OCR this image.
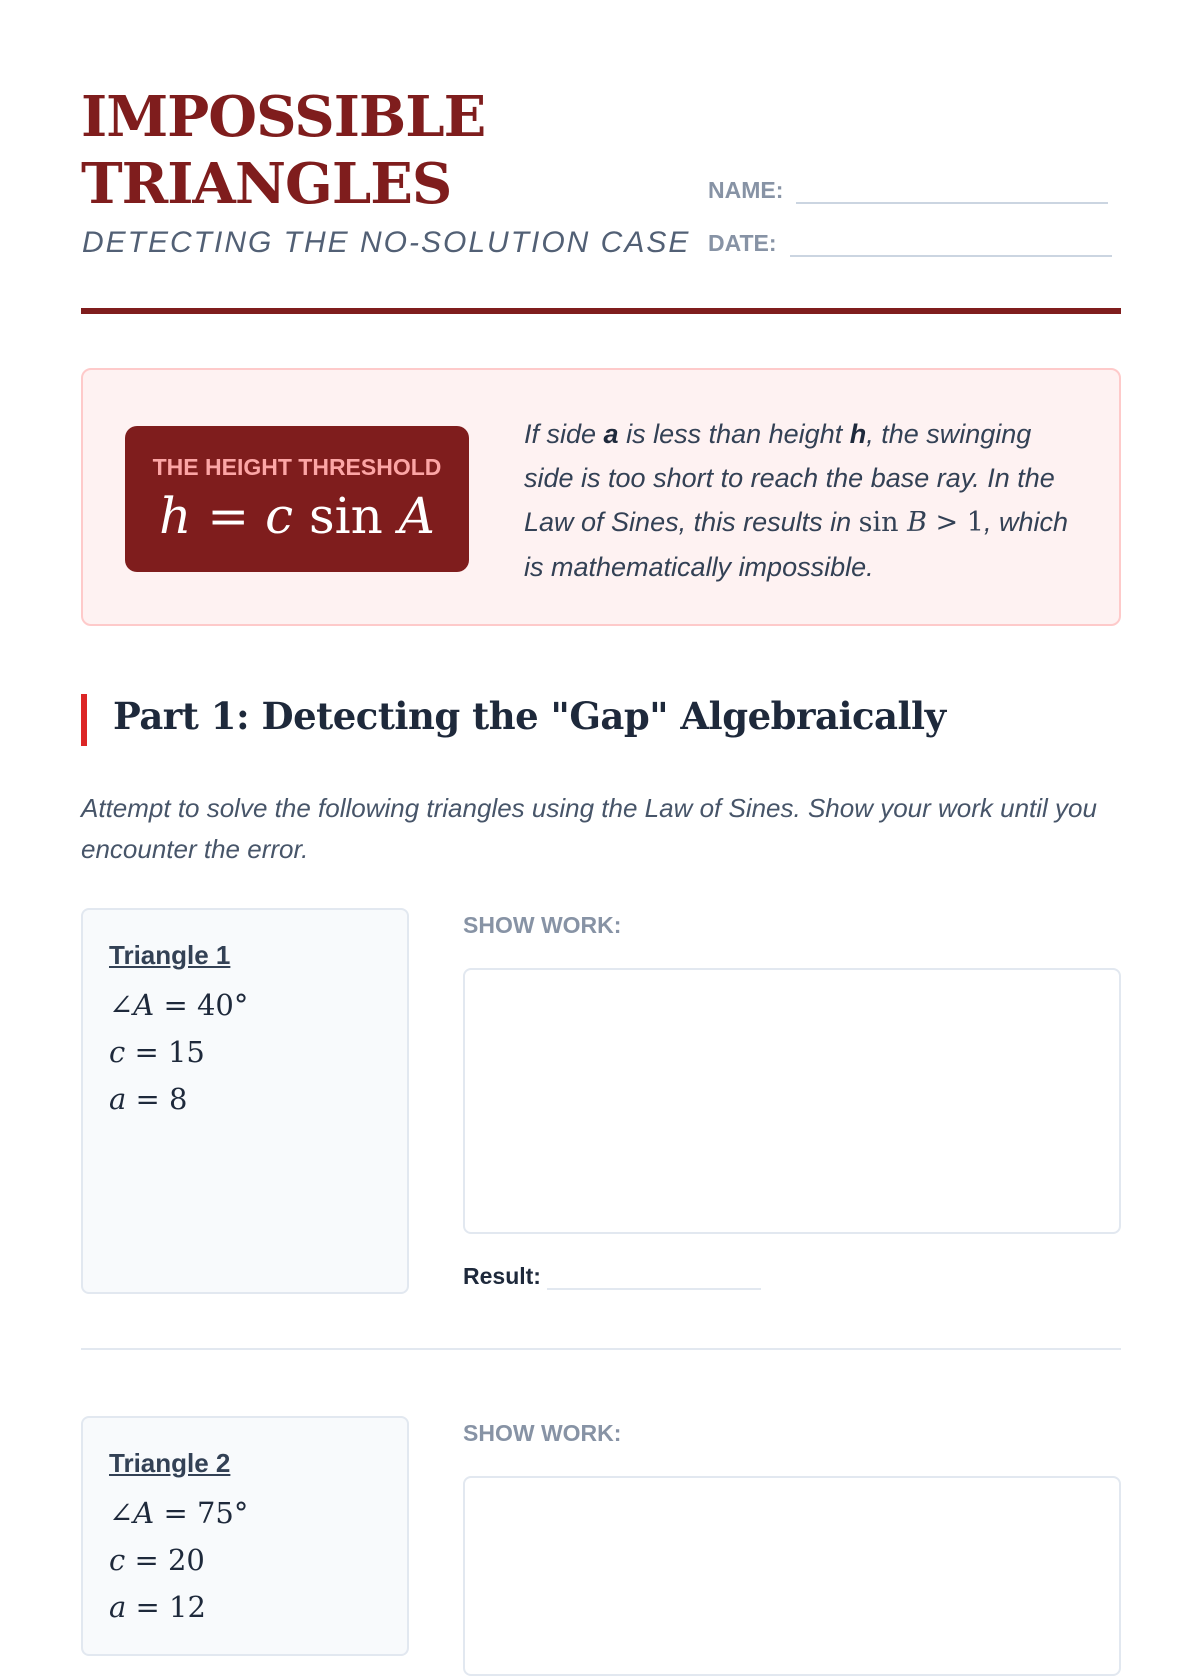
IMPOSSIBLE
TRIANGLES
DETECTING THE NO-SOLUTION CASE
NAME:
DATE:
THE HEIGHT THRESHOLD
h = c sin A
If side a is less than height h, the swinging side is too short to reach the base ray. In the Law of Sines, this results in sin B > 1, which is mathematically impossible.
Part 1: Detecting the "Gap" Algebraically
Attempt to solve the following triangles using the Law of Sines. Show your work until you encounter the error.
Triangle 1
∠A = 40°
c = 15
a = 8
SHOW WORK:
Result:
Triangle 2
∠A = 75°
c = 20
a = 12
SHOW WORK:
